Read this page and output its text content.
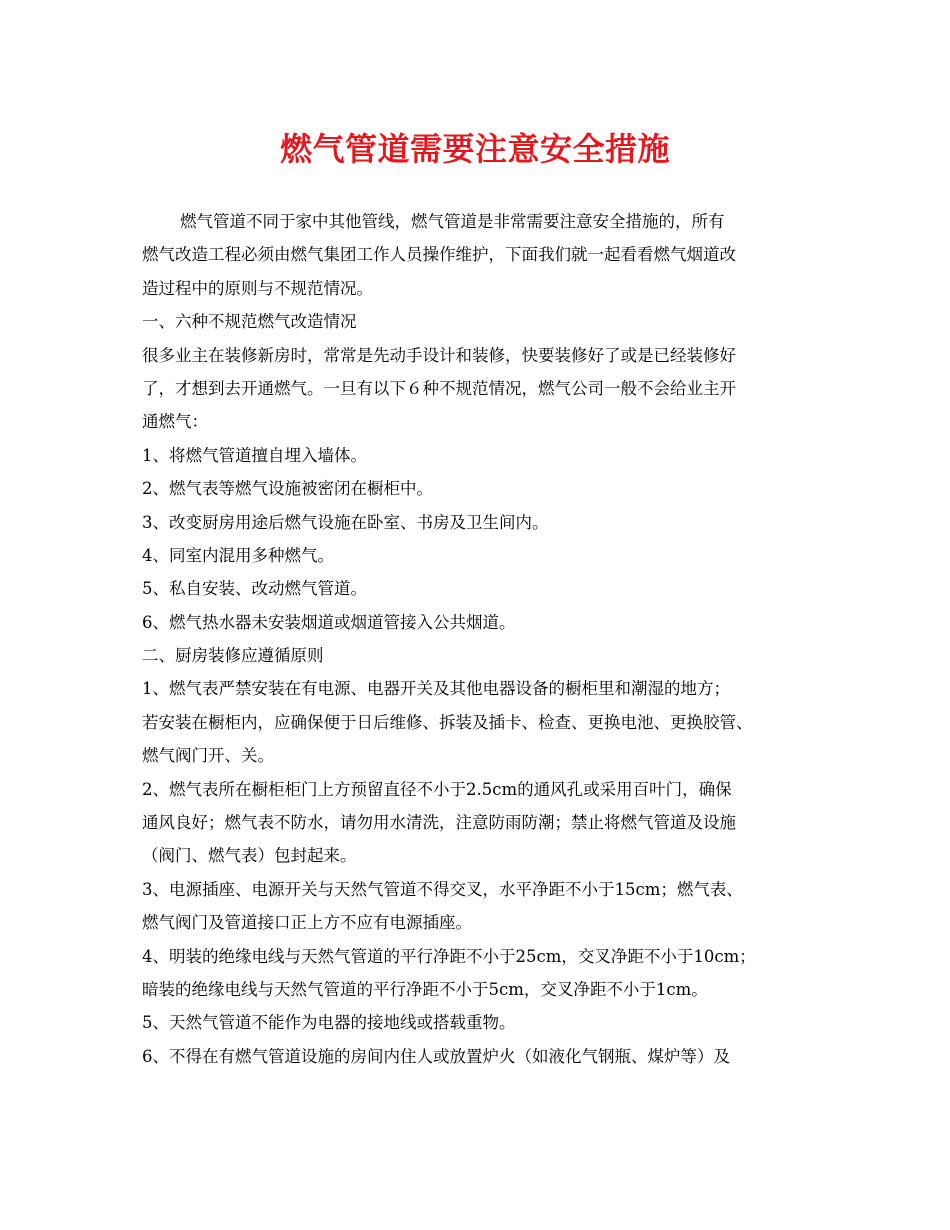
燃气管道需要注意安全措施
燃气管道不同于家中其他管线，燃气管道是非常需要注意安全措施的，所有
燃气改造工程必须由燃气集团工作人员操作维护，下面我们就一起看看燃气烟道改
造过程中的原则与不规范情况。
一、六种不规范燃气改造情况
很多业主在装修新房时，常常是先动手设计和装修，快要装修好了或是已经装修好
了，才想到去开通燃气。一旦有以下６种不规范情况，燃气公司一般不会给业主开
通燃气：
1、将燃气管道擅自埋入墙体。
2、燃气表等燃气设施被密闭在橱柜中。
3、改变厨房用途后燃气设施在卧室、书房及卫生间内。
4、同室内混用多种燃气。
5、私自安装、改动燃气管道。
6、燃气热水器未安装烟道或烟道管接入公共烟道。
二、厨房装修应遵循原则
1、燃气表严禁安装在有电源、电器开关及其他电器设备的橱柜里和潮湿的地方；
若安装在橱柜内，应确保便于日后维修、拆装及插卡、检查、更换电池、更换胶管、
燃气阀门开、关。
2、燃气表所在橱柜柜门上方预留直径不小于2.5cm的通风孔或采用百叶门，确保
通风良好；燃气表不防水，请勿用水清洗，注意防雨防潮；禁止将燃气管道及设施
（阀门、燃气表）包封起来。
3、电源插座、电源开关与天然气管道不得交叉，水平净距不小于15cm；燃气表、
燃气阀门及管道接口正上方不应有电源插座。
4、明装的绝缘电线与天然气管道的平行净距不小于25cm，交叉净距不小于10cm；
暗装的绝缘电线与天然气管道的平行净距不小于5cm，交叉净距不小于1cm。
5、天然气管道不能作为电器的接地线或搭载重物。
6、不得在有燃气管道设施的房间内住人或放置炉火（如液化气钢瓶、煤炉等）及
